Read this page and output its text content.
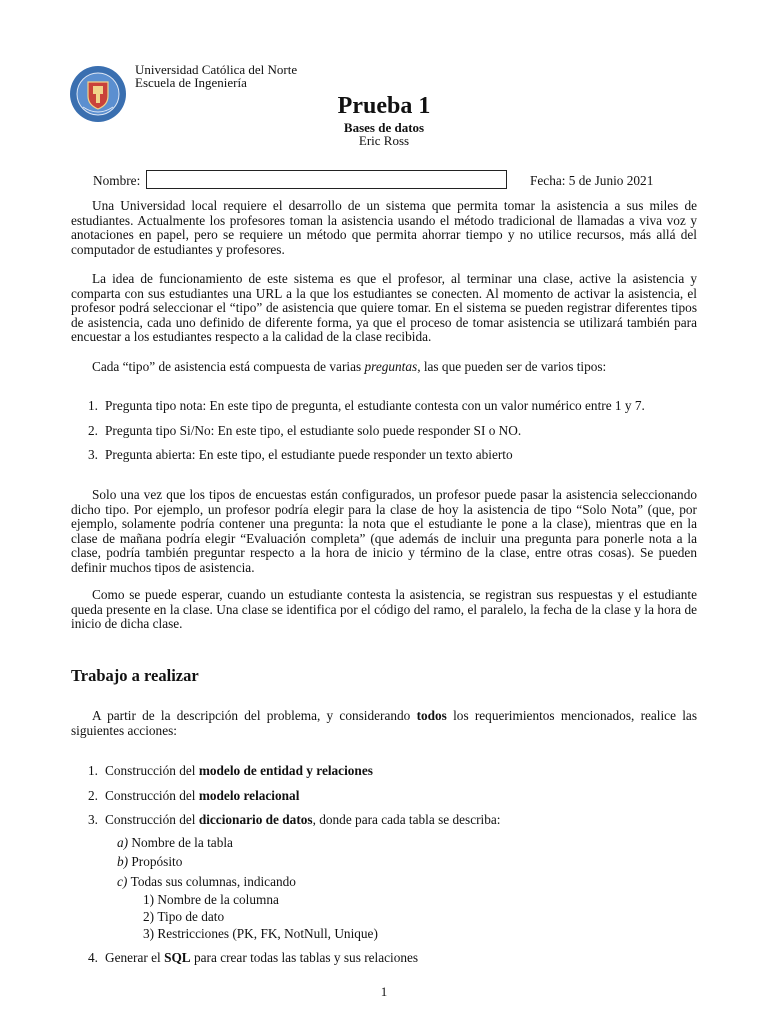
Universidad Católica del Norte
Escuela de Ingeniería
Prueba 1
Bases de datos
Eric Ross
Nombre:	Fecha: 5 de Junio 2021
Una Universidad local requiere el desarrollo de un sistema que permita tomar la asistencia a sus miles de estudiantes. Actualmente los profesores toman la asistencia usando el método tradicional de llamadas a viva voz y anotaciones en papel, pero se requiere un método que permita ahorrar tiempo y no utilice recursos, más allá del computador de estudiantes y profesores.
La idea de funcionamiento de este sistema es que el profesor, al terminar una clase, active la asistencia y comparta con sus estudiantes una URL a la que los estudiantes se conecten. Al momento de activar la asistencia, el profesor podrá seleccionar el “tipo” de asistencia que quiere tomar. En el sistema se pueden registrar diferentes tipos de asistencia, cada uno definido de diferente forma, ya que el proceso de tomar asistencia se utilizará también para encuestar a los estudiantes respecto a la calidad de la clase recibida.
Cada “tipo” de asistencia está compuesta de varias preguntas, las que pueden ser de varios tipos:
1. Pregunta tipo nota: En este tipo de pregunta, el estudiante contesta con un valor numérico entre 1 y 7.
2. Pregunta tipo Si/No: En este tipo, el estudiante solo puede responder SI o NO.
3. Pregunta abierta: En este tipo, el estudiante puede responder un texto abierto
Solo una vez que los tipos de encuestas están configurados, un profesor puede pasar la asistencia seleccionando dicho tipo. Por ejemplo, un profesor podría elegir para la clase de hoy la asistencia de tipo “Solo Nota” (que, por ejemplo, solamente podría contener una pregunta: la nota que el estudiante le pone a la clase), mientras que en la clase de mañana podría elegir “Evaluación completa” (que además de incluir una pregunta para ponerle nota a la clase, podría también preguntar respecto a la hora de inicio y término de la clase, entre otras cosas). Se pueden definir muchos tipos de asistencia.
Como se puede esperar, cuando un estudiante contesta la asistencia, se registran sus respuestas y el estudiante queda presente en la clase. Una clase se identifica por el código del ramo, el paralelo, la fecha de la clase y la hora de inicio de dicha clase.
Trabajo a realizar
A partir de la descripción del problema, y considerando todos los requerimientos mencionados, realice las siguientes acciones:
1. Construcción del modelo de entidad y relaciones
2. Construcción del modelo relacional
3. Construcción del diccionario de datos, donde para cada tabla se describa:
a) Nombre de la tabla
b) Propósito
c) Todas sus columnas, indicando
1) Nombre de la columna
2) Tipo de dato
3) Restricciones (PK, FK, NotNull, Unique)
4. Generar el SQL para crear todas las tablas y sus relaciones
1
